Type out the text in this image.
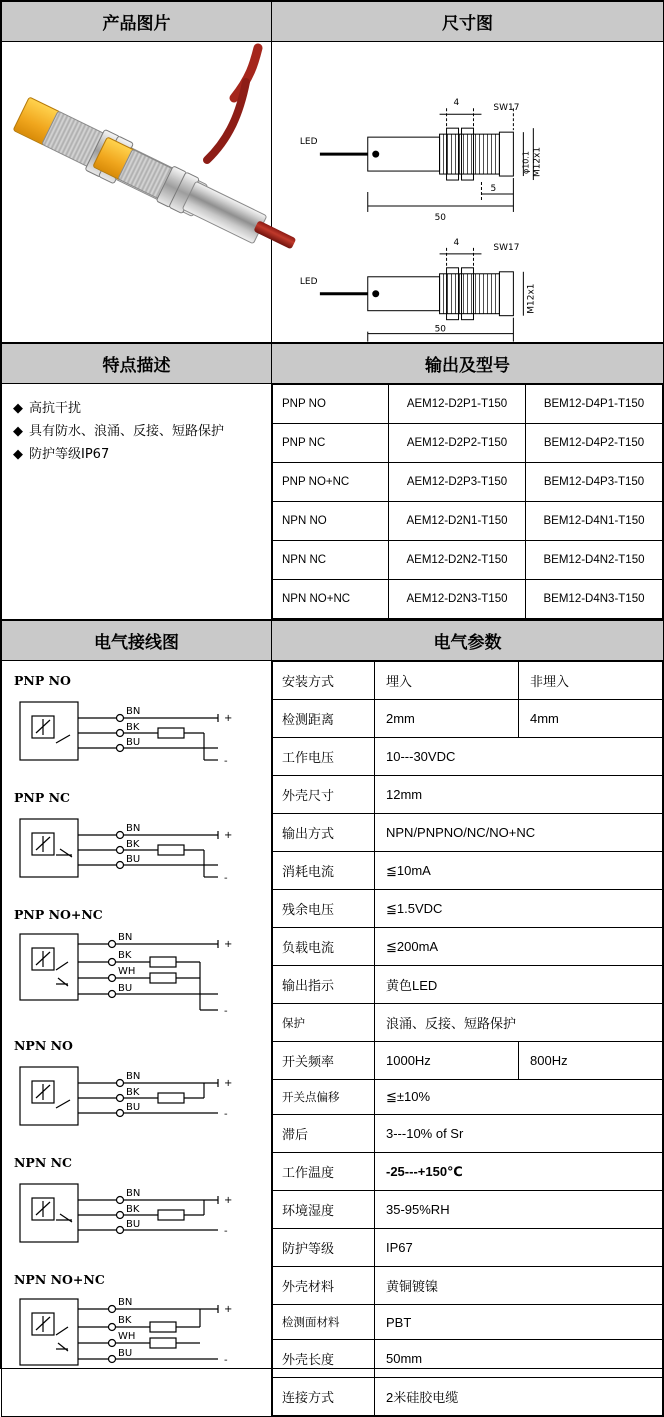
产品图片	尺寸图

LED
SW17
4
5
50
LED
SW17
4
50
M12x1
φ10.1
M12x1
特点描述	输出及型号

◆ 高抗干扰
◆ 具有防水、浪涌、反接、短路保护
◆ 防护等级IP67

PNP NO	AEM12-D2P1-T150	BEM12-D4P1-T150
PNP NC	AEM12-D2P2-T150	BEM12-D4P2-T150
PNP NO+NC	AEM12-D2P3-T150	BEM12-D4P3-T150
NPN NO	AEM12-D2N1-T150	BEM12-D4N1-T150
NPN NC	AEM12-D2N2-T150	BEM12-D4N2-T150
NPN NO+NC	AEM12-D2N3-T150	BEM12-D4N3-T150
电气接线图	电气参数

PNP NO
BN
BK
BU
+
-
PNP NC
BN
BK
BU
+
-
PNP NO+NC
BN
BK
WH
BU
+
-
NPN NO
BN
BK
BU
+
-
NPN NC
BN
BK
BU
+
-
NPN NO+NC
BN
BK
WH
BU
+
-

安装方式	埋入	非埋入
检测距离	2mm	4mm
工作电压	10---30VDC
外壳尺寸	12mm
输出方式	NPN/PNPNO/NC/NO+NC
消耗电流	≦10mA
残余电压	≦1.5VDC
负载电流	≦200mA
输出指示	黄色LED
保护	浪涌、反接、短路保护
开关频率	1000Hz	800Hz
开关点偏移	≦±10%
滞后	3---10% of Sr
工作温度	-25---+150℃
环境湿度	35-95%RH
防护等级	IP67
外壳材料	黄铜镀镍
检测面材料	PBT
外壳长度	50mm
连接方式	2米硅胶电缆
